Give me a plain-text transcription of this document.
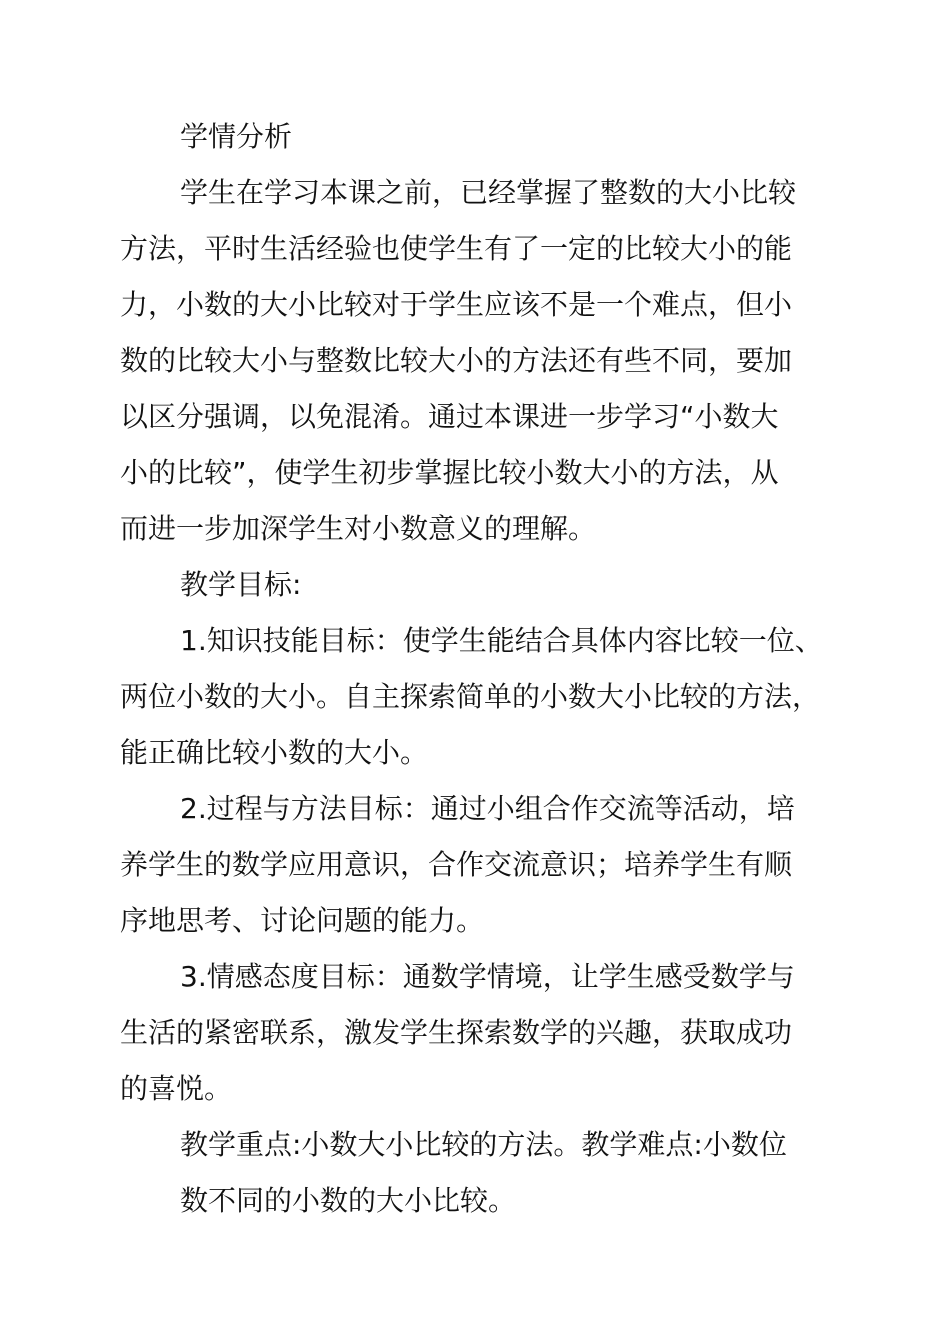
学情分析
学生在学习本课之前，已经掌握了整数的大小比较
方法，平时生活经验也使学生有了一定的比较大小的能
力，小数的大小比较对于学生应该不是一个难点，但小
数的比较大小与整数比较大小的方法还有些不同，要加
以区分强调，以免混淆。通过本课进一步学习“小数大
小的比较”，使学生初步掌握比较小数大小的方法，从
而进一步加深学生对小数意义的理解。
教学目标:
1.知识技能目标：使学生能结合具体内容比较一位、
两位小数的大小。自主探索简单的小数大小比较的方法，
能正确比较小数的大小。
2.过程与方法目标：通过小组合作交流等活动，培
养学生的数学应用意识，合作交流意识；培养学生有顺
序地思考、讨论问题的能力。
3.情感态度目标：通数学情境，让学生感受数学与
生活的紧密联系，激发学生探索数学的兴趣，获取成功
的喜悦。
教学重点:小数大小比较的方法。教学难点:小数位
数不同的小数的大小比较。
